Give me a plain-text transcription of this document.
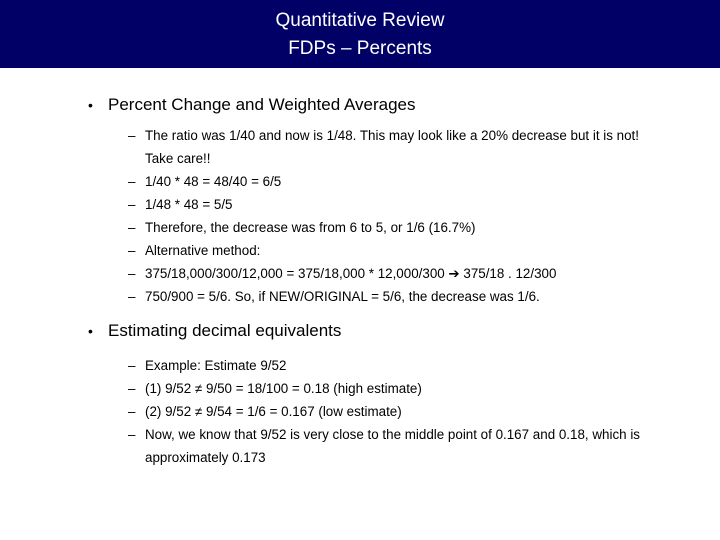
Quantitative Review
FDPs – Percents
• Percent Change and Weighted Averages
– The ratio was 1/40 and now is 1/48. This may look like a 20% decrease but it is not! Take care!!
– 1/40 * 48 = 48/40 = 6/5
– 1/48 * 48 = 5/5
– Therefore, the decrease was from 6 to 5, or 1/6 (16.7%)
– Alternative method:
– 375/18,000/300/12,000 = 375/18,000 * 12,000/300 ➔ 375/18 . 12/300
– 750/900 = 5/6. So, if NEW/ORIGINAL = 5/6, the decrease was 1/6.
• Estimating decimal equivalents
– Example: Estimate 9/52
– (1) 9/52 ≠ 9/50 = 18/100 = 0.18 (high estimate)
– (2) 9/52 ≠ 9/54 = 1/6 = 0.167 (low estimate)
– Now, we know that 9/52 is very close to the middle point of 0.167 and 0.18, which is approximately 0.173
